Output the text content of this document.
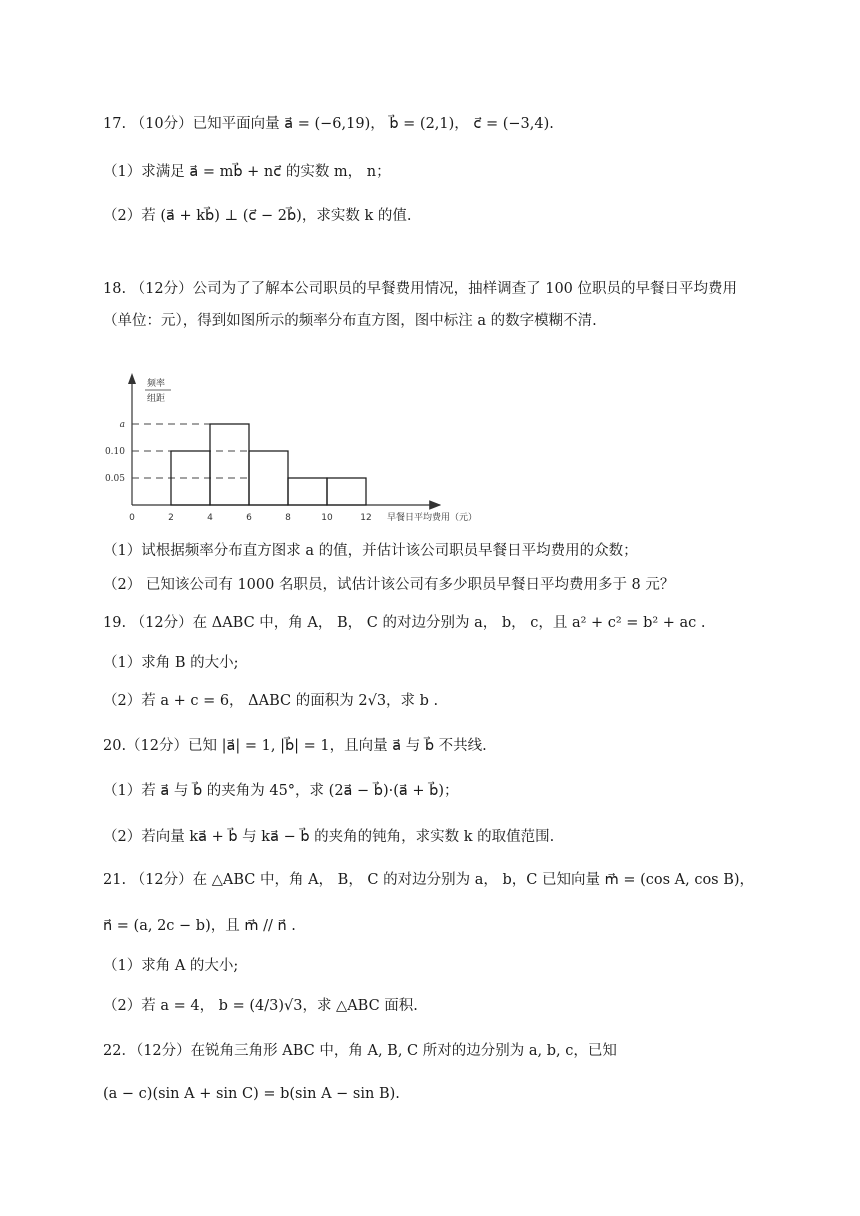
17. （10分）已知平面向量 a⃗ = (−6,19)， b⃗ = (2,1)， c⃗ = (−3,4).
（1）求满足 a⃗ = mb⃗ + nc⃗ 的实数 m， n；
（2）若 (a⃗ + kb⃗) ⊥ (c⃗ − 2b⃗)，求实数 k 的值.
18. （12分）公司为了了解本公司职员的早餐费用情况，抽样调查了 100 位职员的早餐日平均费用
（单位：元），得到如图所示的频率分布直方图，图中标注 a 的数字模糊不清.
频率
组距
0.05
0.10
a
0	2	4	6	8	10	12 早餐日平均费用（元）
（1）试根据频率分布直方图求 a 的值，并估计该公司职员早餐日平均费用的众数；
（2） 已知该公司有 1000 名职员，试估计该公司有多少职员早餐日平均费用多于 8 元？
19. （12分）在 ΔABC 中，角 A， B， C 的对边分别为 a， b， c，且 a² + c² = b² + ac .
（1）求角 B 的大小;
（2）若 a + c = 6， ΔABC 的面积为 2√3，求 b .
20.（12分）已知 |a⃗| = 1, |b⃗| = 1，且向量 a⃗ 与 b⃗ 不共线.
（1）若 a⃗ 与 b⃗ 的夹角为 45°，求 (2a⃗ − b⃗)·(a⃗ + b⃗)；
（2）若向量 ka⃗ + b⃗ 与 ka⃗ − b⃗ 的夹角的钝角，求实数 k 的取值范围.
21. （12分）在 △ABC 中，角 A， B， C 的对边分别为 a， b，C 已知向量 m⃗ = (cos A, cos B)，
n⃗ = (a, 2c − b)，且 m⃗ // n⃗ .
（1）求角 A 的大小;
（2）若 a = 4， b = (4/3)√3，求 △ABC 面积.
22．（12分）在锐角三角形 ABC 中，角 A, B, C 所对的边分别为 a, b, c，已知
(a − c)(sin A + sin C) = b(sin A − sin B).
